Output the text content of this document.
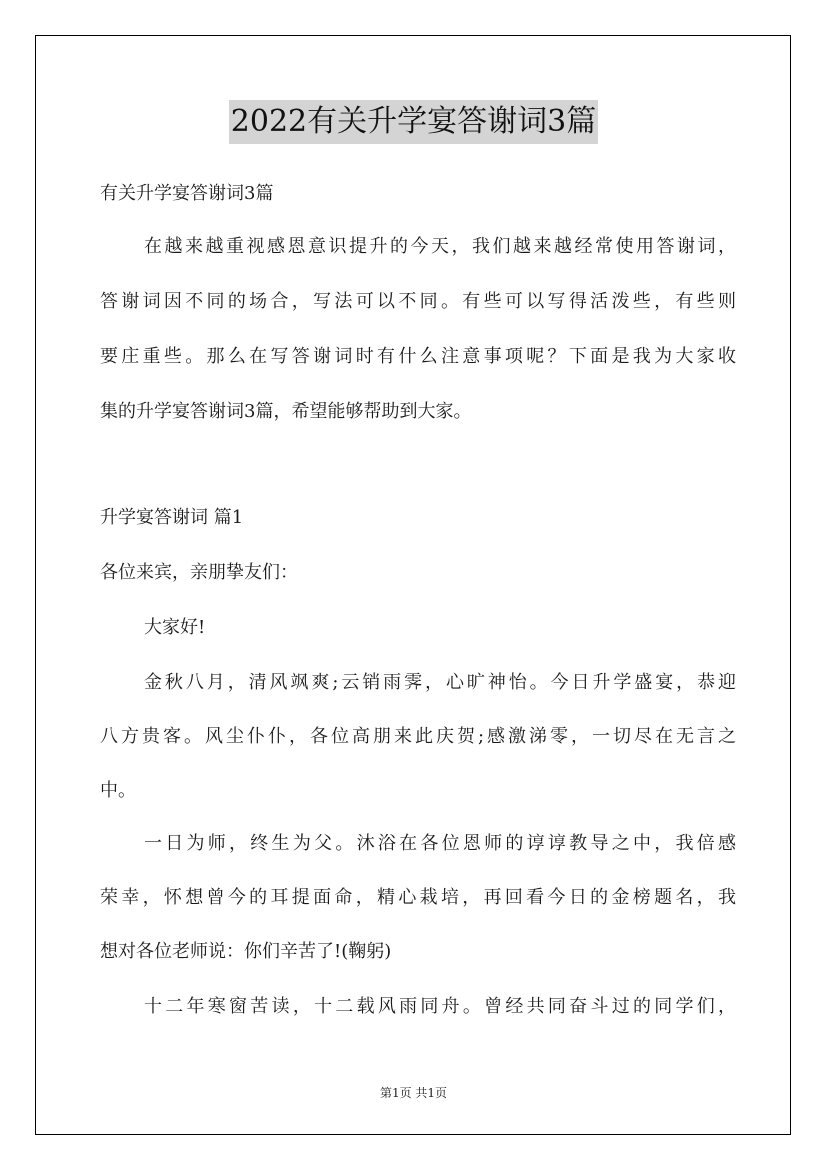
2022有关升学宴答谢词3篇
有关升学宴答谢词3篇
在越来越重视感恩意识提升的今天，我们越来越经常使用答谢词，
答谢词因不同的场合，写法可以不同。有些可以写得活泼些，有些则
要庄重些。那么在写答谢词时有什么注意事项呢？下面是我为大家收
集的升学宴答谢词3篇，希望能够帮助到大家。
升学宴答谢词 篇1
各位来宾，亲朋挚友们：
大家好!
金秋八月，清风飒爽;云销雨霁，心旷神怡。今日升学盛宴，恭迎
八方贵客。风尘仆仆，各位高朋来此庆贺;感激涕零，一切尽在无言之
中。
一日为师，终生为父。沐浴在各位恩师的谆谆教导之中，我倍感
荣幸，怀想曾今的耳提面命，精心栽培，再回看今日的金榜题名，我
想对各位老师说：你们辛苦了!(鞠躬)
十二年寒窗苦读，十二载风雨同舟。曾经共同奋斗过的同学们，
第1页 共1页
